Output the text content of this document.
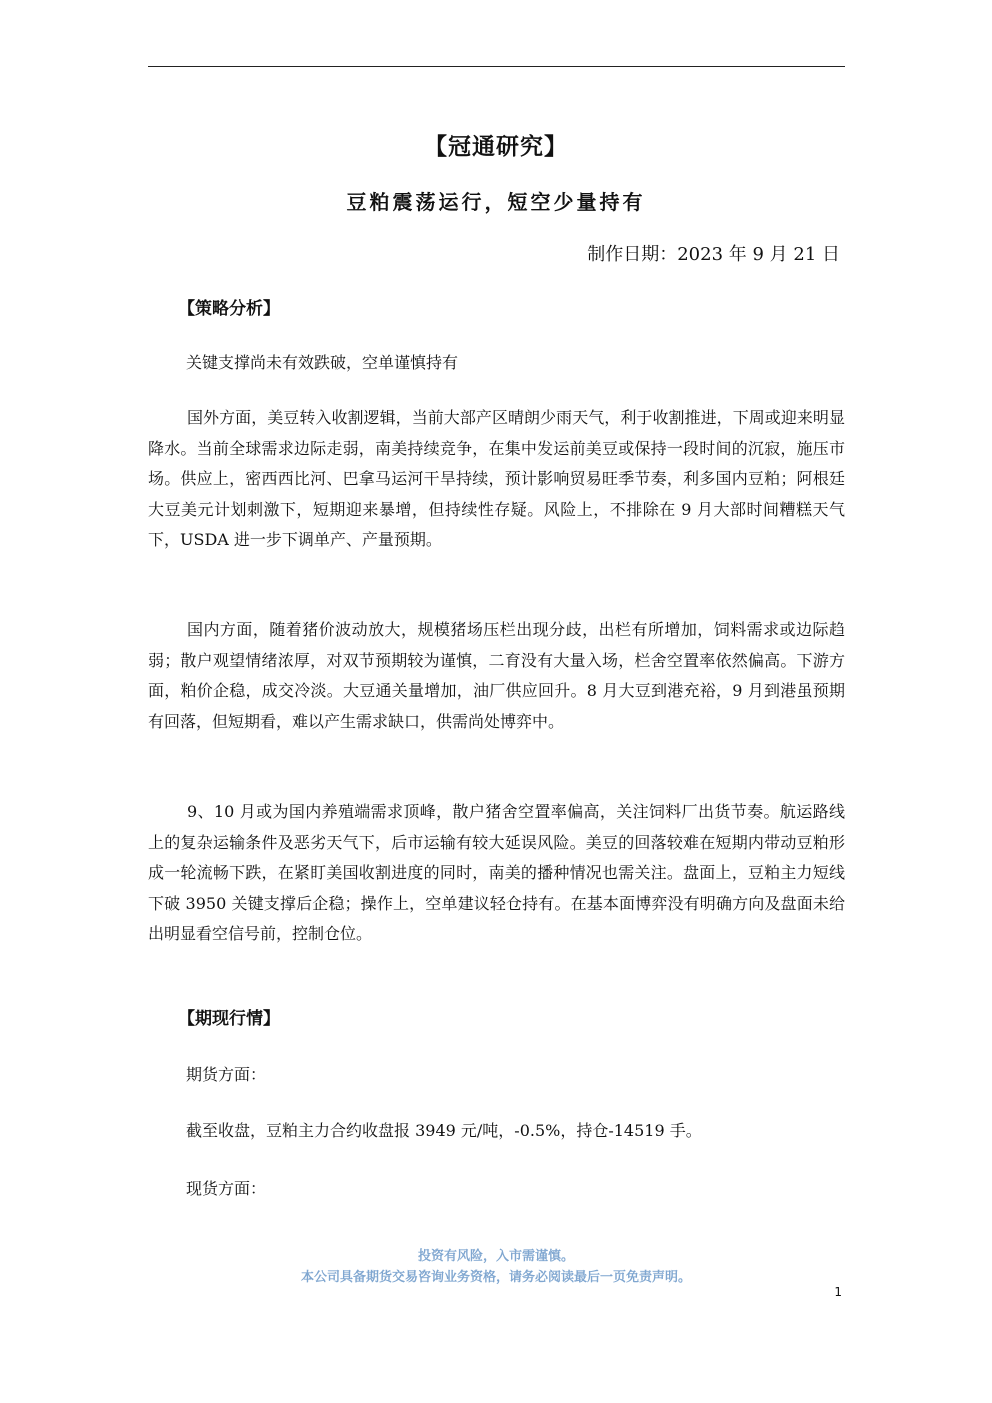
【冠通研究】
豆粕震荡运行，短空少量持有
制作日期：2023 年 9 月 21 日
【策略分析】
关键支撑尚未有效跌破，空单谨慎持有

国外方面，美豆转入收割逻辑，当前大部产区晴朗少雨天气，利于收割推进，下周或迎来明显降水。当前全球需求边际走弱，南美持续竞争，在集中发运前美豆或保持一段时间的沉寂，施压市场。供应上，密西西比河、巴拿马运河干旱持续，预计影响贸易旺季节奏，利多国内豆粕；阿根廷大豆美元计划刺激下，短期迎来暴增，但持续性存疑。风险上，不排除在 9 月大部时间糟糕天气下，USDA 进一步下调单产、产量预期。

国内方面，随着猪价波动放大，规模猪场压栏出现分歧，出栏有所增加，饲料需求或边际趋弱；散户观望情绪浓厚，对双节预期较为谨慎，二育没有大量入场，栏舍空置率依然偏高。下游方面，粕价企稳，成交冷淡。大豆通关量增加，油厂供应回升。8 月大豆到港充裕，9 月到港虽预期有回落，但短期看，难以产生需求缺口，供需尚处博弈中。

9、10 月或为国内养殖端需求顶峰，散户猪舍空置率偏高，关注饲料厂出货节奏。航运路线上的复杂运输条件及恶劣天气下，后市运输有较大延误风险。美豆的回落较难在短期内带动豆粕形成一轮流畅下跌，在紧盯美国收割进度的同时，南美的播种情况也需关注。盘面上，豆粕主力短线下破 3950 关键支撑后企稳；操作上，空单建议轻仓持有。在基本面博弈没有明确方向及盘面未给出明显看空信号前，控制仓位。

【期现行情】
期货方面：
截至收盘，豆粕主力合约收盘报 3949 元/吨，-0.5%，持仓-14519 手。
现货方面：
投资有风险，入市需谨慎。
本公司具备期货交易咨询业务资格，请务必阅读最后一页免责声明。
1
